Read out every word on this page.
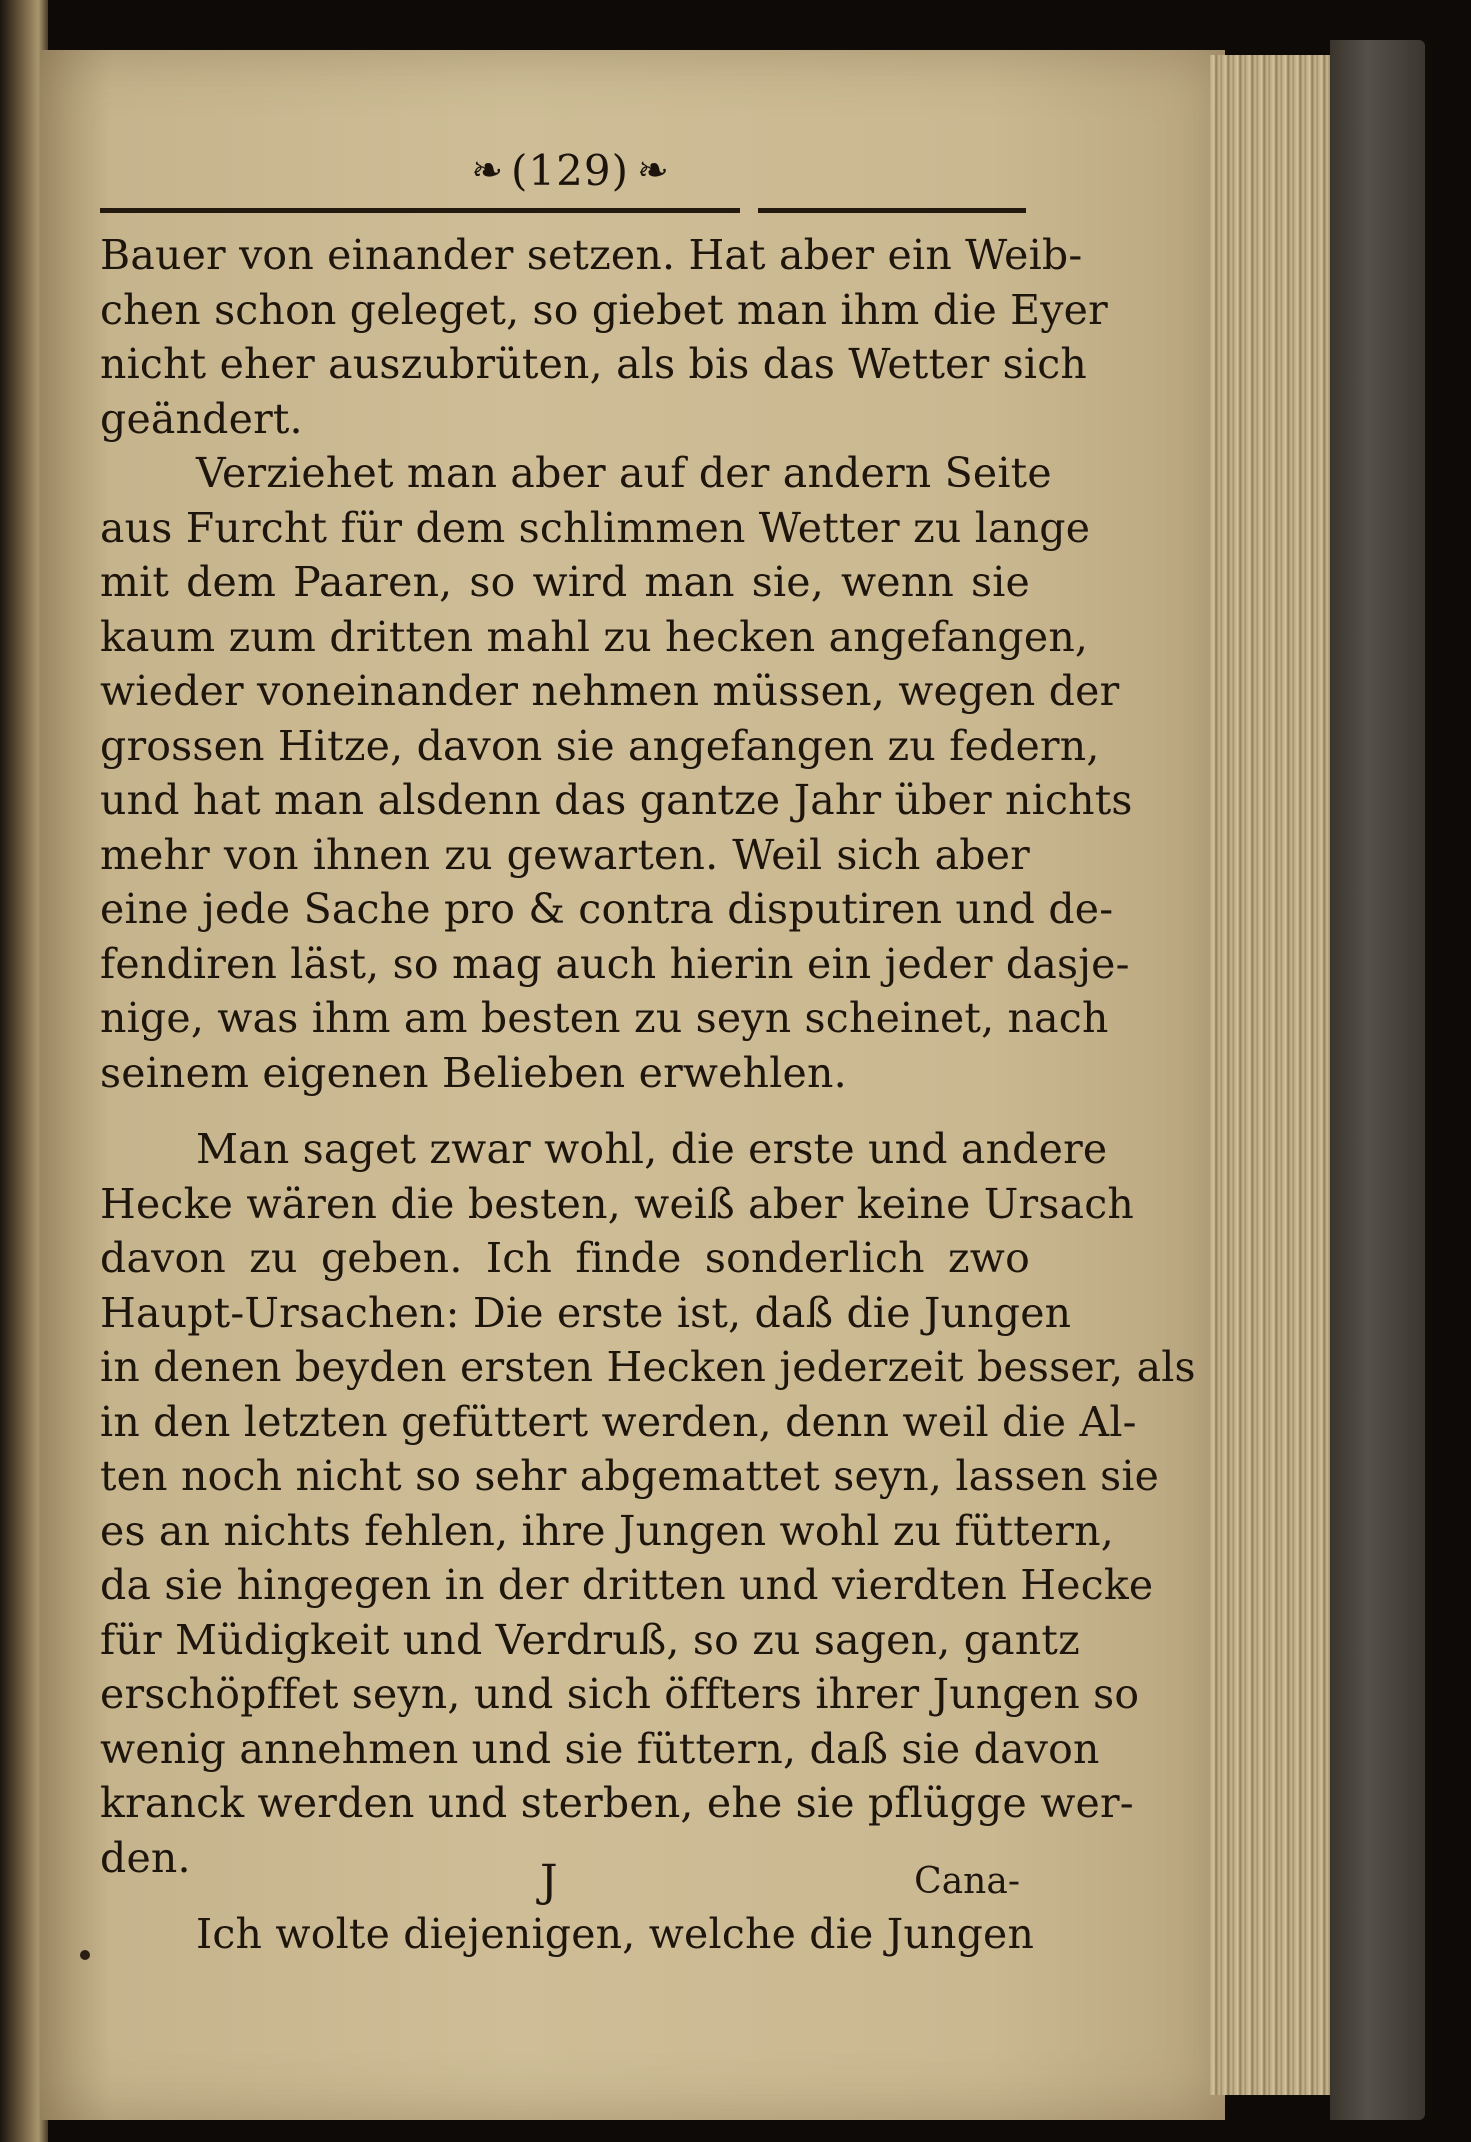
❧ (129) ❧
Bauer von einander setzen. Hat aber ein Weib-
chen schon geleget, so giebet man ihm die Eyer
nicht eher auszubrüten, als bis das Wetter sich
geändert.
Verziehet man aber auf der andern Seite
aus Furcht für dem schlimmen Wetter zu lange
mit dem Paaren, so wird man sie, wenn sie
kaum zum dritten mahl zu hecken angefangen,
wieder voneinander nehmen müssen, wegen der
grossen Hitze, davon sie angefangen zu federn,
und hat man alsdenn das gantze Jahr über nichts
mehr von ihnen zu gewarten. Weil sich aber
eine jede Sache pro & contra disputiren und de-
fendiren läst, so mag auch hierin ein jeder dasje-
nige, was ihm am besten zu seyn scheinet, nach
seinem eigenen Belieben erwehlen.
Man saget zwar wohl, die erste und andere
Hecke wären die besten, weiß aber keine Ursach
davon zu geben. Ich finde sonderlich zwo
Haupt-Ursachen: Die erste ist, daß die Jungen
in denen beyden ersten Hecken jederzeit besser, als
in den letzten gefüttert werden, denn weil die Al-
ten noch nicht so sehr abgemattet seyn, lassen sie
es an nichts fehlen, ihre Jungen wohl zu füttern,
da sie hingegen in der dritten und vierdten Hecke
für Müdigkeit und Verdruß, so zu sagen, gantz
erschöpffet seyn, und sich öffters ihrer Jungen so
wenig annehmen und sie füttern, daß sie davon
kranck werden und sterben, ehe sie pflügge wer-
den.
Ich wolte diejenigen, welche die Jungen
J	Cana-
